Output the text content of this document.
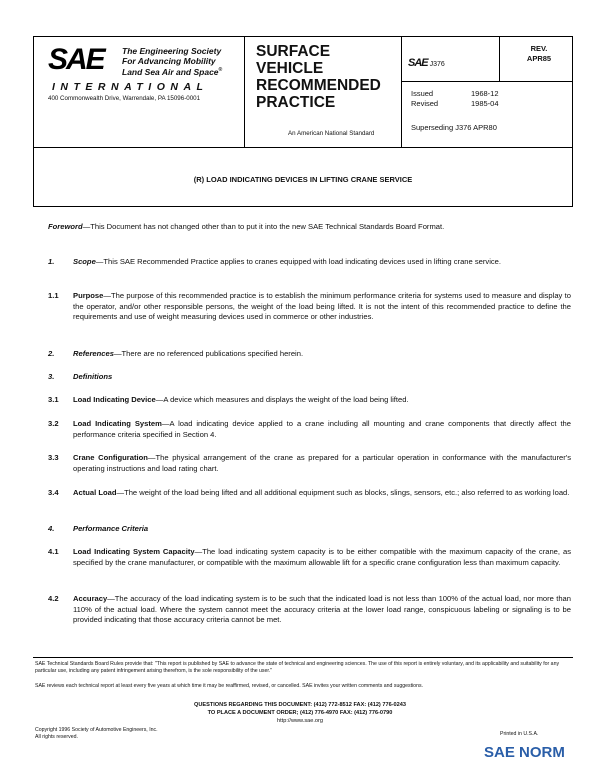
SAE The Engineering Society
For Advancing Mobility
Land Sea Air and Space®
INTERNATIONAL
400 Commonwealth Drive, Warrendale, PA 15096-0001
SURFACE
VEHICLE
RECOMMENDED
PRACTICE
An American National Standard
SAE J376
REV.
APR85
Issued	1968-12
Revised	1985-04
Superseding J376 APR80
(R) LOAD INDICATING DEVICES IN LIFTING CRANE SERVICE
Foreword—This Document has not changed other than to put it into the new SAE Technical Standards Board Format.
1. Scope—This SAE Recommended Practice applies to cranes equipped with load indicating devices used in lifting crane service.
1.1 Purpose—The purpose of this recommended practice is to establish the minimum performance criteria for systems used to measure and display to the operator, and/or other responsible persons, the weight of the load being lifted. It is not the intent of this recommended practice to define the requirements and use of weight measuring devices used in commerce or other industries.
2. References—There are no referenced publications specified herein.
3. Definitions
3.1 Load Indicating Device—A device which measures and displays the weight of the load being lifted.
3.2 Load Indicating System—A load indicating device applied to a crane including all mounting and crane components that directly affect the performance criteria specified in Section 4.
3.3 Crane Configuration—The physical arrangement of the crane as prepared for a particular operation in conformance with the manufacturer's operating instructions and load rating chart.
3.4 Actual Load—The weight of the load being lifted and all additional equipment such as blocks, slings, sensors, etc.; also referred to as working load.
4. Performance Criteria
4.1 Load Indicating System Capacity—The load indicating system capacity is to be either compatible with the maximum capacity of the crane, as specified by the crane manufacturer, or compatible with the maximum allowable lift for a specific crane configuration less than maximum capacity.
4.2 Accuracy—The accuracy of the load indicating system is to be such that the indicated load is not less than 100% of the actual load, nor more than 110% of the actual load. Where the system cannot meet the accuracy criteria at the lower load range, conspicuous labeling or signaling is to be provided indicating that those accuracy criteria cannot be met.
SAE Technical Standards Board Rules provide that: "This report is published by SAE to advance the state of technical and engineering sciences. The use of this report is entirely voluntary, and its applicability and suitability for any particular use, including any patent infringement arising therefrom, is the sole responsibility of the user."
SAE reviews each technical report at least every five years at which time it may be reaffirmed, revised, or cancelled. SAE invites your written comments and suggestions.
QUESTIONS REGARDING THIS DOCUMENT: (412) 772-8512 FAX: (412) 776-0243
TO PLACE A DOCUMENT ORDER; (412) 776-4970 FAX: (412) 776-0790
http://www.sae.org
Copyright 1996 Society of Automotive Engineers, Inc.
All rights reserved.	Printed in U.S.A.
SAE NORM
